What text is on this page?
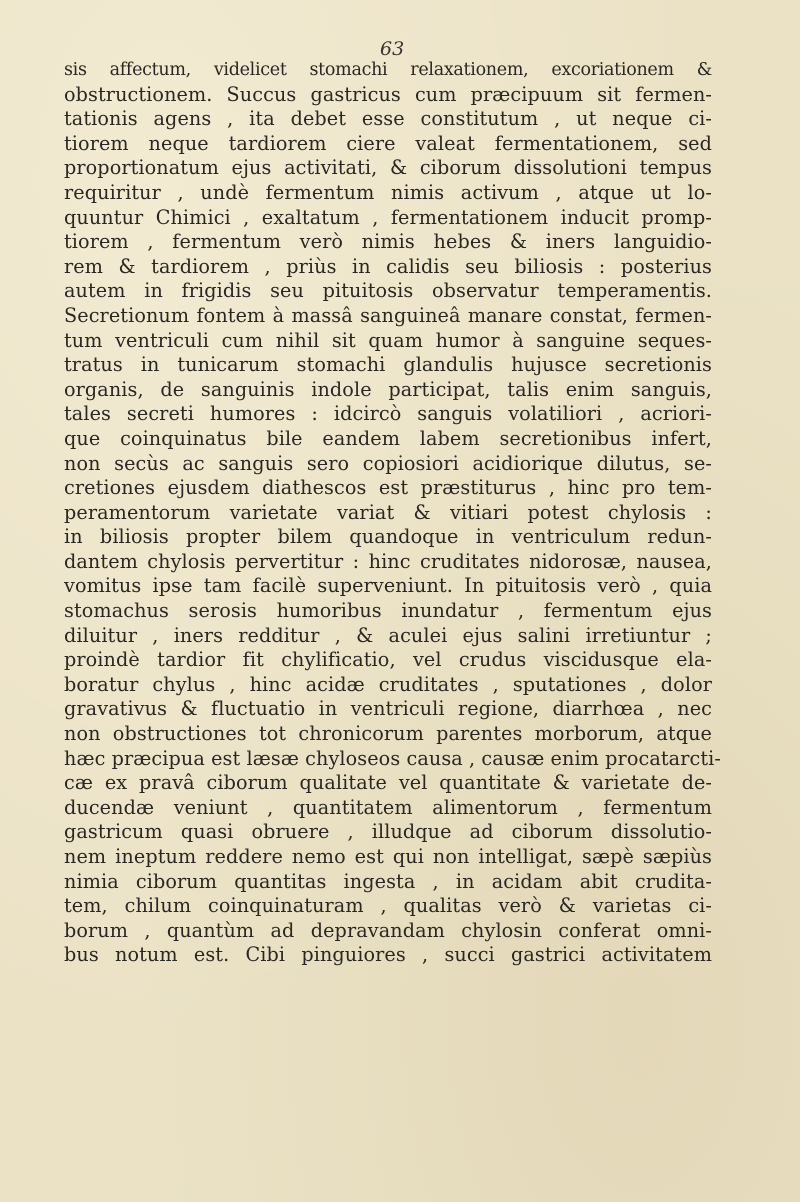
63
sis affectum, videlicet stomachi relaxationem, excoriationem &
obstructionem. Succus gastricus cum præcipuum sit fermen-
tationis agens , ita debet esse constitutum , ut neque ci-
tiorem neque tardiorem ciere valeat fermentationem, sed
proportionatum ejus activitati, & ciborum dissolutioni tempus
requiritur , undè fermentum nimis activum , atque ut lo-
quuntur Chimici , exaltatum , fermentationem inducit promp-
tiorem , fermentum verò nimis hebes & iners languidio-
rem & tardiorem , priùs in calidis seu biliosis : posterius
autem in frigidis seu pituitosis observatur temperamentis.
Secretionum fontem à massâ sanguineâ manare constat, fermen-
tum ventriculi cum nihil sit quam humor à sanguine seques-
tratus in tunicarum stomachi glandulis hujusce secretionis
organis, de sanguinis indole participat, talis enim sanguis,
tales secreti humores : idcircò sanguis volatiliori , acriori-
que coinquinatus bile eandem labem secretionibus infert,
non secùs ac sanguis sero copiosiori acidiorique dilutus, se-
cretiones ejusdem diathescos est præstiturus , hinc pro tem-
peramentorum varietate variat & vitiari potest chylosis :
in biliosis propter bilem quandoque in ventriculum redun-
dantem chylosis pervertitur : hinc cruditates nidorosæ, nausea,
vomitus ipse tam facilè superveniunt. In pituitosis verò , quia
stomachus serosis humoribus inundatur , fermentum ejus
diluitur , iners redditur , & aculei ejus salini irretiuntur ;
proindè tardior fit chylificatio, vel crudus viscidusque ela-
boratur chylus , hinc acidæ cruditates , sputationes , dolor
gravativus & fluctuatio in ventriculi regione, diarrhœa , nec
non obstructiones tot chronicorum parentes morborum, atque
hæc præcipua est læsæ chyloseos causa , causæ enim procatarcti-
cæ ex pravâ ciborum qualitate vel quantitate & varietate de-
ducendæ veniunt , quantitatem alimentorum , fermentum
gastricum quasi obruere , illudque ad ciborum dissolutio-
nem ineptum reddere nemo est qui non intelligat, sæpè sæpiùs
nimia ciborum quantitas ingesta , in acidam abit crudita-
tem, chilum coinquinaturam , qualitas verò & varietas ci-
borum , quantùm ad depravandam chylosin conferat omni-
bus notum est. Cibi pinguiores , succi gastrici activitatem
